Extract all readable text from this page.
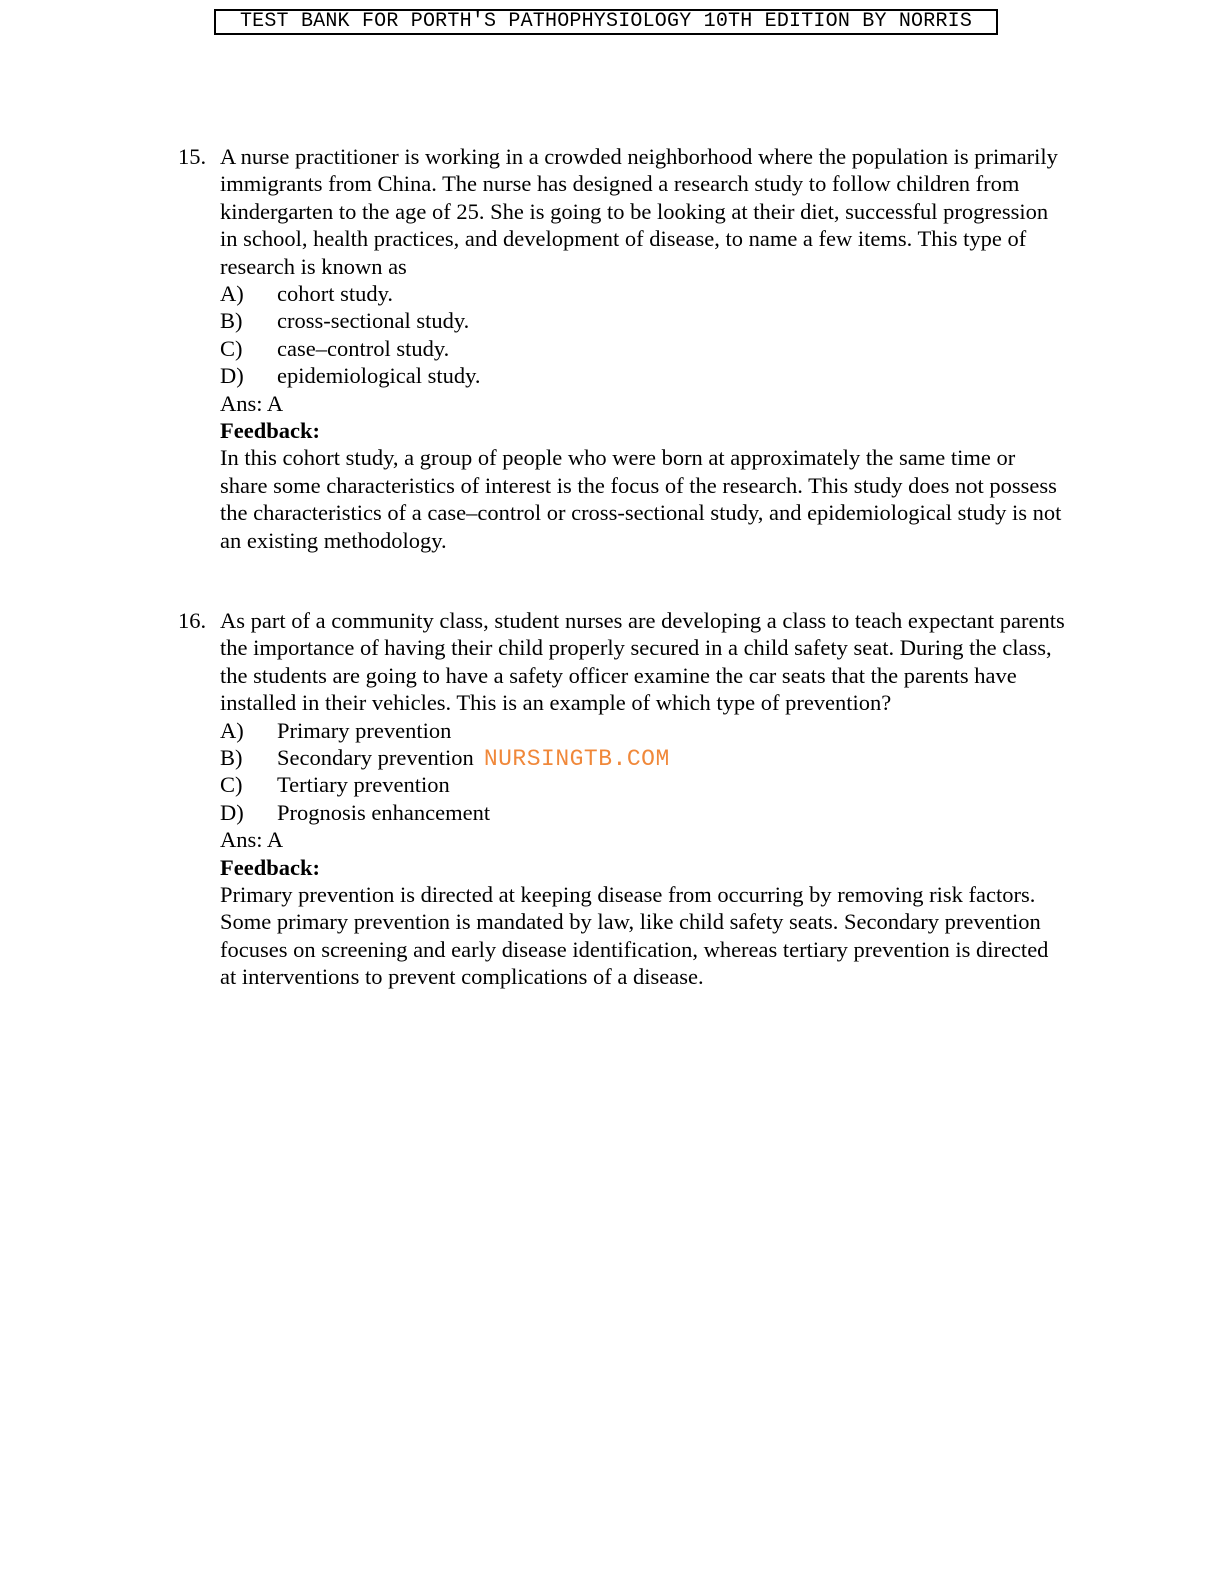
TEST BANK FOR PORTH'S PATHOPHYSIOLOGY 10TH EDITION BY NORRIS
15. A nurse practitioner is working in a crowded neighborhood where the population is primarily immigrants from China. The nurse has designed a research study to follow children from kindergarten to the age of 25. She is going to be looking at their diet, successful progression in school, health practices, and development of disease, to name a few items. This type of research is known as

A) cohort study.
B) cross-sectional study.
C) case–control study.
D) epidemiological study.

Ans: A

Feedback:

In this cohort study, a group of people who were born at approximately the same time or share some characteristics of interest is the focus of the research. This study does not possess the characteristics of a case–control or cross-sectional study, and epidemiological study is not an existing methodology.

16. As part of a community class, student nurses are developing a class to teach expectant parents the importance of having their child properly secured in a child safety seat. During the class, the students are going to have a safety officer examine the car seats that the parents have installed in their vehicles. This is an example of which type of prevention?

A) Primary prevention
B) Secondary prevention NURSINGTB.COM
C) Tertiary prevention
D) Prognosis enhancement

Ans: A

Feedback:

Primary prevention is directed at keeping disease from occurring by removing risk factors. Some primary prevention is mandated by law, like child safety seats. Secondary prevention focuses on screening and early disease identification, whereas tertiary prevention is directed at interventions to prevent complications of a disease.
